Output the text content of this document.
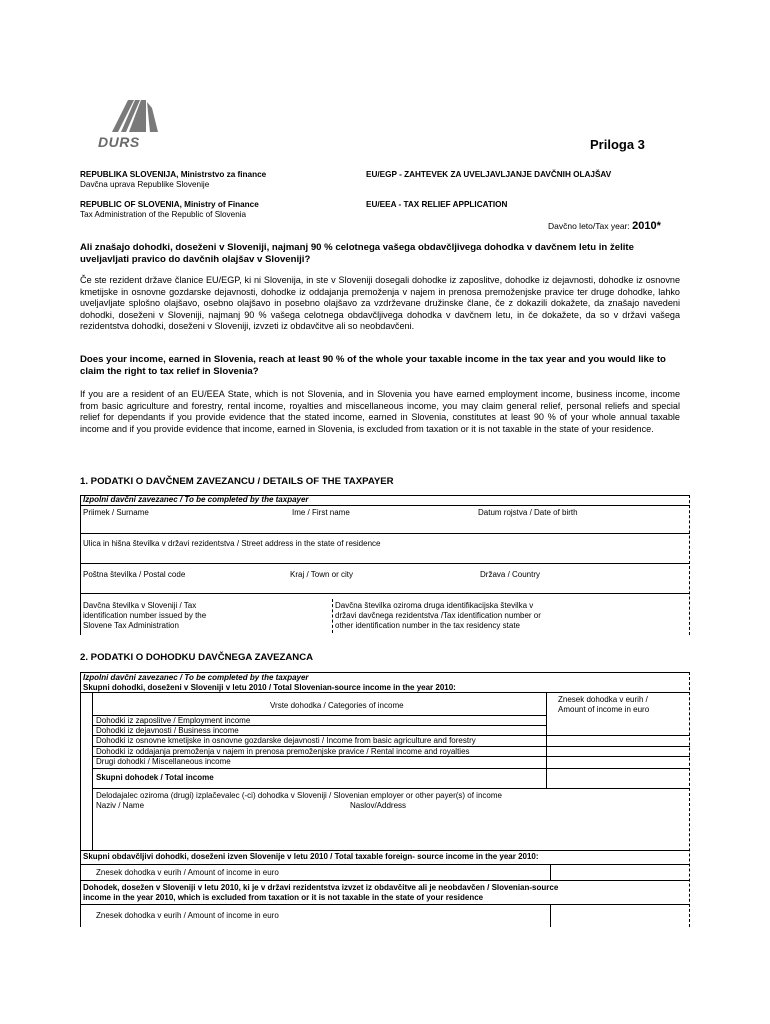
DURS	Priloga 3
REPUBLIKA SLOVENIJA, Ministrstvo za finance
Davčna uprava Republike Slovenije
REPUBLIC OF SLOVENIA, Ministry of Finance
Tax Administration of the Republic of Slovenia
EU/EGP - ZAHTEVEK ZA UVELJAVLJANJE DAVČNIH OLAJŠAV
EU/EEA - TAX RELIEF APPLICATION
Davčno leto/Tax year: 2010*
Ali znašajo dohodki, doseženi v Sloveniji, najmanj 90 % celotnega vašega obdavčljivega dohodka v davčnem letu in želite uveljavljati pravico do davčnih olajšav v Sloveniji?
Če ste rezident države članice EU/EGP, ki ni Slovenija, in ste v Sloveniji dosegali dohodke iz zaposlitve, dohodke iz dejavnosti, dohodke iz osnovne kmetijske in osnovne gozdarske dejavnosti, dohodke iz oddajanja premoženja v najem in prenosa premoženjske pravice ter druge dohodke, lahko uveljavljate splošno olajšavo, osebno olajšavo in posebno olajšavo za vzdrževane družinske člane, če z dokazili dokažete, da znašajo navedeni dohodki, doseženi v Sloveniji, najmanj 90 % vašega celotnega obdavčljivega dohodka v davčnem letu, in če dokažete, da so v državi vašega rezidentstva dohodki, doseženi v Sloveniji, izvzeti iz obdavčitve ali so neobdavčeni.
Does your income, earned in Slovenia, reach at least 90 % of the whole your taxable income in the tax year and you would like to claim the right to tax relief in Slovenia?
If you are a resident of an EU/EEA State, which is not Slovenia, and in Slovenia you have earned employment income, business income, income from basic agriculture and forestry, rental income, royalties and miscellaneous income, you may claim general relief, personal reliefs and special relief for dependants if you provide evidence that the stated income, earned in Slovenia, constitutes at least 90 % of your whole annual taxable income and if you provide evidence that income, earned in Slovenia, is excluded from taxation or it is not taxable in the state of your residence.
1. PODATKI O DAVČNEM ZAVEZANCU / DETAILS OF THE TAXPAYER
Izpolni davčni zavezanec / To be completed by the taxpayer
Priimek / Surname	Ime / First name	Datum rojstva / Date of birth
Ulica in hišna številka v državi rezidentstva / Street address in the state of residence
Poštna številka / Postal code	Kraj / Town or city	Država / Country
Davčna številka v Sloveniji / Tax
identification number issued by the
Slovene Tax Administration
Davčna številka oziroma druga identifikacijska številka v
državi davčnega rezidentstva /Tax identification number or
other identification number in the tax residency state
2. PODATKI O DOHODKU DAVČNEGA ZAVEZANCA
Izpolni davčni zavezanec / To be completed by the taxpayer
Skupni dohodki, doseženi v Sloveniji v letu 2010 / Total Slovenian-source income in the year 2010:
Vrste dohodka / Categories of income
Znesek dohodka v eurih /
Amount of income in euro
Dohodki iz zaposlitve / Employment income
Dohodki iz dejavnosti / Business income
Dohodki iz osnovne kmetijske in osnovne gozdarske dejavnosti / Income from basic agriculture and forestry
Dohodki iz oddajanja premoženja v najem in prenosa premoženjske pravice / Rental income and royalties
Drugi dohodki / Miscellaneous income
Skupni dohodek / Total income
Delodajalec oziroma (drugi) izplačevalec (-ci) dohodka v Sloveniji / Slovenian employer or other payer(s) of income
Naziv / Name	Naslov/Address
Skupni obdavčljivi dohodki, doseženi izven Slovenije v letu 2010 / Total taxable foreign- source income in the year 2010:
Znesek dohodka v eurih / Amount of income in euro
Dohodek, dosežen v Sloveniji v letu 2010, ki je v državi rezidentstva izvzet iz obdavčitve ali je neobdavčen / Slovenian-source
income in the year 2010, which is excluded from taxation or it is not taxable in the state of your residence
Znesek dohodka v eurih / Amount of income in euro
